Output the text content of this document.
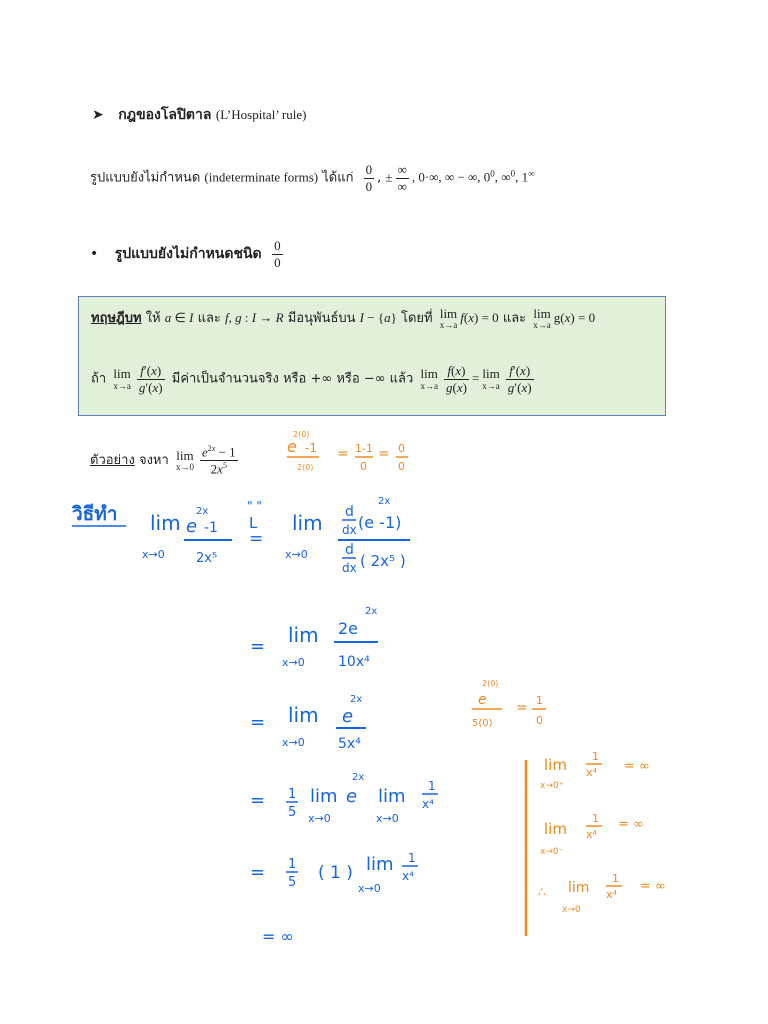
➤ กฎของโลปิตาล (L’Hospital’ rule)
รูปแบบยังไม่กำหนด (indeterminate forms) ได้แก่ $\frac{0}{0}$ , ± $\frac{\infty}{\infty}$ , 0·∞, ∞ − ∞, $0^0$, ∞$^0$, 1∞
• รูปแบบยังไม่กำหนดชนิด $\frac{0}{0}$
ทฤษฎีบท ให้ a ∈ I และ f, g : I → R มีอนุพันธ์บน I − {a} โดยที่ lim
x→a
f(x) = 0 และ lim
x→a
g(x) = 0
ถ้า lim
$x\to a \frac{f'(x)}{g'(x)}$ มีค่าเป็นจำนวนจริง หรือ +∞ หรือ −∞ แล้ว lim
$x\to a \frac{f(x)}{g(x)} = \lim$
$x\to a \frac{f'(x)}{g'(x)}$
ตัวอย่าง จงหา lim
$x\to 0 \frac{e^{2x} - 1}{2x^5}$
2(0)
e -1
2(0)
= 1-1
0
= 0
0
วิธีทำ lim
x→0
2x
e -1
2x⁵
" "
L
=
lim
x→0
d
dx (e -1)
2x
d
dx ( 2x⁵ )
= lim
x→0
2x
2e
10x⁴
= lim
x→0
2x
e
5x⁴
= 1
5
lim
x→0
2x
e lim
x→0
1
x⁴
= 1
5 ( 1 ) lim
x→0
1
x⁴
= ∞
2(0)
e
5(0)
= 1
0
lim
x→0⁺
1
x⁴ = ∞
lim
x→0⁻
1
x⁴
= ∞
∴ lim
x→0
1
x⁴
= ∞
